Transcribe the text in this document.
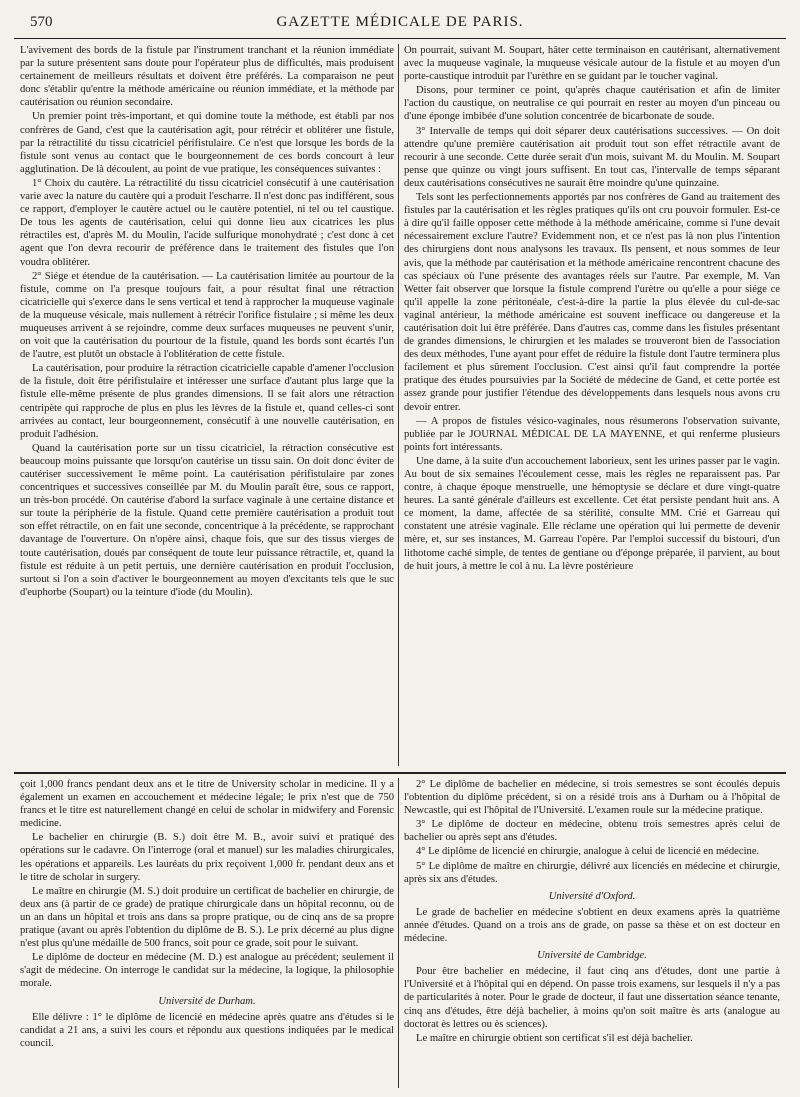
570	GAZETTE MÉDICALE DE PARIS.

L'avivement des bords de la fistule par l'instrument tranchant et la réunion immédiate par la suture présentent sans doute pour l'opérateur plus de difficultés, mais produisent certainement de meilleurs résultats et doivent être préférés. La comparaison ne peut donc s'établir qu'entre la méthode américaine ou réunion immédiate, et la méthode par cautérisation ou réunion secondaire.

Un premier point très-important, et qui domine toute la méthode, est établi par nos confrères de Gand, c'est que la cautérisation agit, pour rétrécir et oblitérer une fistule, par la rétractilité du tissu cicatriciel périfistulaire. Ce n'est que lorsque les bords de la fistule sont venus au contact que le bourgeonnement de ces bords concourt à leur agglutination. De là découlent, au point de vue pratique, les conséquences suivantes :

1° Choix du cautère. La rétractilité du tissu cicatriciel consécutif à une cautérisation varie avec la nature du cautère qui a produit l'escharre. Il n'est donc pas indifférent, sous ce rapport, d'employer le cautère actuel ou le cautère potentiel, ni tel ou tel caustique. De tous les agents de cautérisation, celui qui donne lieu aux cicatrices les plus rétractiles est, d'après M. du Moulin, l'acide sulfurique monohydraté ; c'est donc à cet agent que l'on devra recourir de préférence dans le traitement des fistules que l'on voudra oblitérer.

2° Siége et étendue de la cautérisation. — La cautérisation limitée au pourtour de la fistule, comme on l'a presque toujours fait, a pour résultat final une rétraction cicatricielle qui s'exerce dans le sens vertical et tend à rapprocher la muqueuse vaginale de la muqueuse vésicale, mais nullement à rétrécir l'orifice fistulaire ; si même les deux muqueuses arrivent à se rejoindre, comme deux surfaces muqueuses ne peuvent s'unir, on voit que la cautérisation du pourtour de la fistule, quand les bords sont écartés l'un de l'autre, est plutôt un obstacle à l'oblitération de cette fistule.

La cautérisation, pour produire la rétraction cicatricielle capable d'amener l'occlusion de la fistule, doit être périfistulaire et intéresser une surface d'autant plus large que la fistule elle-même présente de plus grandes dimensions. Il se fait alors une rétraction centripète qui rapproche de plus en plus les lèvres de la fistule et, quand celles-ci sont arrivées au contact, leur bourgeonnement, consécutif à une nouvelle cautérisation, en produit l'adhésion.

Quand la cautérisation porte sur un tissu cicatriciel, la rétraction consécutive est beaucoup moins puissante que lorsqu'on cautérise un tissu sain. On doit donc éviter de cautériser successivement le même point. La cautérisation périfistulaire par zones concentriques et successives conseillée par M. du Moulin paraît être, sous ce rapport, un très-bon procédé. On cautérise d'abord la surface vaginale à une certaine distance et sur toute la périphérie de la fistule. Quand cette première cautérisation a produit tout son effet rétractile, on en fait une seconde, concentrique à la précédente, se rapprochant davantage de l'ouverture. On n'opère ainsi, chaque fois, que sur des tissus vierges de toute cautérisation, doués par conséquent de toute leur puissance rétractile, et, quand la fistule est réduite à un petit pertuis, une dernière cautérisation en produit l'occlusion, surtout si l'on a soin d'activer le bourgeonnement au moyen d'excitants tels que le suc d'euphorbe (Soupart) ou la teinture d'iode (du Moulin).

On pourrait, suivant M. Soupart, hâter cette terminaison en cautérisant, alternativement avec la muqueuse vaginale, la muqueuse vésicale autour de la fistule et au moyen d'un porte-caustique introduit par l'urèthre en se guidant par le toucher vaginal.

Disons, pour terminer ce point, qu'après chaque cautérisation et afin de limiter l'action du caustique, on neutralise ce qui pourrait en rester au moyen d'un pinceau ou d'une éponge imbibée d'une solution concentrée de bicarbonate de soude.

3° Intervalle de temps qui doit séparer deux cautérisations successives. — On doit attendre qu'une première cautérisation ait produit tout son effet rétractile avant de recourir à une seconde. Cette durée serait d'un mois, suivant M. du Moulin. M. Soupart pense que quinze ou vingt jours suffisent. En tout cas, l'intervalle de temps séparant deux cautérisations consécutives ne saurait être moindre qu'une quinzaine.

Tels sont les perfectionnements apportés par nos confrères de Gand au traitement des fistules par la cautérisation et les règles pratiques qu'ils ont cru pouvoir formuler. Est-ce à dire qu'il faille opposer cette méthode à la méthode américaine, comme si l'une devait nécessairement exclure l'autre? Evidemment non, et ce n'est pas là non plus l'intention des chirurgiens dont nous analysons les travaux. Ils pensent, et nous sommes de leur avis, que la méthode par cautérisation et la méthode américaine rencontrent chacune des cas spéciaux où l'une présente des avantages réels sur l'autre. Par exemple, M. Van Wetter fait observer que lorsque la fistule comprend l'urètre ou qu'elle a pour siége ce qu'il appelle la zone péritonéale, c'est-à-dire la partie la plus élevée du cul-de-sac vaginal antérieur, la méthode américaine est souvent inefficace ou dangereuse et la cautérisation doit lui être préférée. Dans d'autres cas, comme dans les fistules présentant de grandes dimensions, le chirurgien et les malades se trouveront bien de l'association des deux méthodes, l'une ayant pour effet de réduire la fistule dont l'autre terminera plus facilement et plus sûrement l'occlusion. C'est ainsi qu'il faut comprendre la portée pratique des études poursuivies par la Société de médecine de Gand, et cette portée est assez grande pour justifier l'étendue des développements dans lesquels nous avons cru devoir entrer.

— A propos de fistules vésico-vaginales, nous résumerons l'observation suivante, publiée par le JOURNAL MÉDICAL DE LA MAYENNE, et qui renferme plusieurs points fort intéressants.

Une dame, à la suite d'un accouchement laborieux, sent les urines passer par le vagin. Au bout de six semaines l'écoulement cesse, mais les règles ne reparaissent pas. Par contre, à chaque époque menstruelle, une hémoptysie se déclare et dure vingt-quatre heures. La santé générale d'ailleurs est excellente. Cet état persiste pendant huit ans. A ce moment, la dame, affectée de sa stérilité, consulte MM. Crié et Garreau qui constatent une atrésie vaginale. Elle réclame une opération qui lui permette de devenir mère, et, sur ses instances, M. Garreau l'opère. Par l'emploi successif du bistouri, d'un lithotome caché simple, de tentes de gentiane ou d'éponge préparée, il parvient, au bout de huit jours, à mettre le col à nu. La lèvre postérieure

çoit 1,000 francs pendant deux ans et le titre de University scholar in medicine. Il y a également un examen en accouchement et médecine légale; le prix n'est que de 750 francs et le titre est naturellement changé en celui de scholar in midwifery and Forensic medicine.

Le bachelier en chirurgie (B. S.) doit être M. B., avoir suivi et pratiqué des opérations sur le cadavre. On l'interroge (oral et manuel) sur les maladies chirurgicales, les opérations et appareils. Les lauréats du prix reçoivent 1,000 fr. pendant deux ans et le titre de scholar in surgery.

Le maître en chirurgie (M. S.) doit produire un certificat de bachelier en chirurgie, de deux ans (à partir de ce grade) de pratique chirurgicale dans un hôpital reconnu, ou de un an dans un hôpital et trois ans dans sa propre pratique, ou de cinq ans de sa propre pratique (avant ou après l'obtention du diplôme de B. S.). Le prix décerné au plus digne n'est plus qu'une médaille de 500 francs, soit pour ce grade, soit pour le suivant.

Le diplôme de docteur en médecine (M. D.) est analogue au précédent; seulement il s'agit de médecine. On interroge le candidat sur la médecine, la logique, la philosophie morale.

Université de Durham.

Elle délivre : 1° le diplôme de licencié en médecine après quatre ans d'études si le candidat a 21 ans, a suivi les cours et répondu aux questions indiquées par le medical council.

2° Le diplôme de bachelier en médecine, si trois semestres se sont écoulés depuis l'obtention du diplôme précédent, si on a résidé trois ans à Durham ou à l'hôpital de Newcastle, qui est l'hôpital de l'Université. L'examen roule sur la médecine pratique.

3° Le diplôme de docteur en médecine, obtenu trois semestres après celui de bachelier ou après sept ans d'études.

4° Le diplôme de licencié en chirurgie, analogue à celui de licencié en médecine.

5° Le diplôme de maître en chirurgie, délivré aux licenciés en médecine et chirurgie, après six ans d'études.

Université d'Oxford.

Le grade de bachelier en médecine s'obtient en deux examens après la quatrième année d'études. Quand on a trois ans de grade, on passe sa thèse et on est docteur en médecine.

Université de Cambridge.

Pour être bachelier en médecine, il faut cinq ans d'études, dont une partie à l'Université et à l'hôpital qui en dépend. On passe trois examens, sur lesquels il n'y a pas de particularités à noter. Pour le grade de docteur, il faut une dissertation séance tenante, cinq ans d'études, être déjà bachelier, à moins qu'on soit maître ès arts (analogue au doctorat ès lettres ou ès sciences).

Le maître en chirurgie obtient son certificat s'il est déjà bachelier.
